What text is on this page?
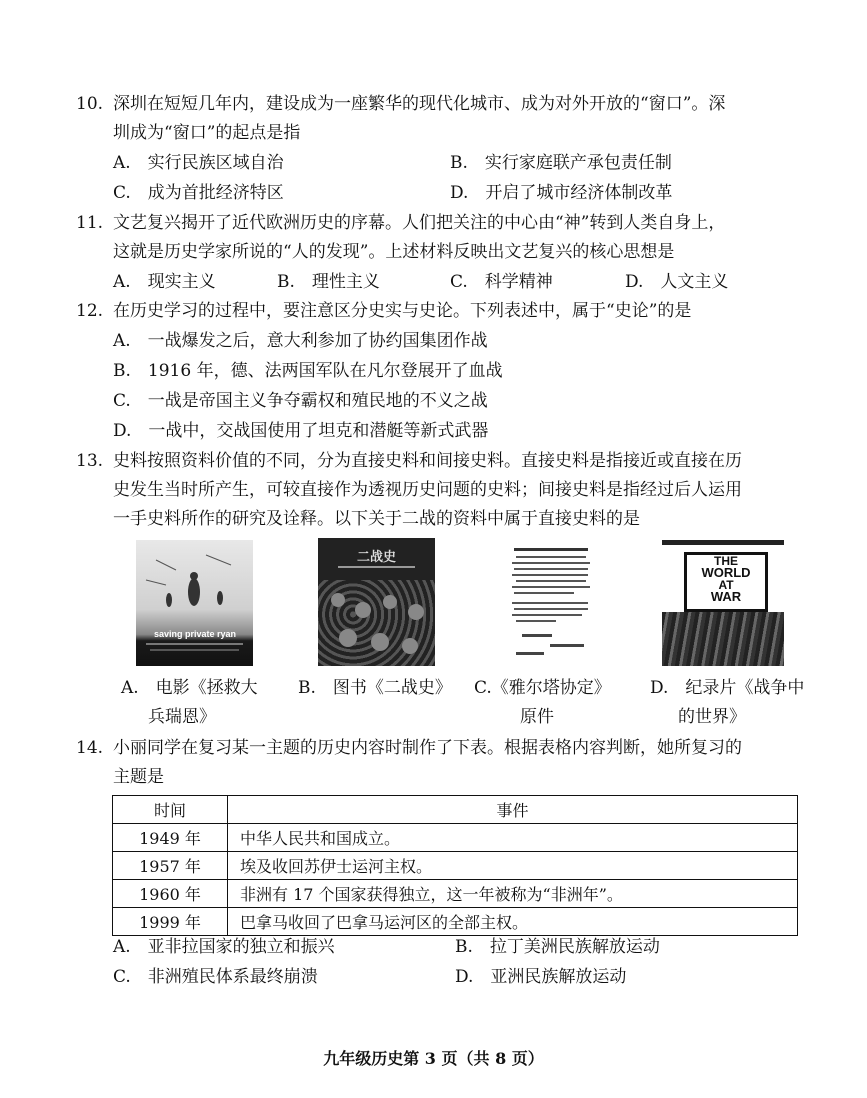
10. 深圳在短短几年内，建设成为一座繁华的现代化城市、成为对外开放的“窗口”。深
圳成为“窗口”的起点是指
A.　实行民族区域自治	B.　实行家庭联产承包责任制
C.　成为首批经济特区	D.　开启了城市经济体制改革
11. 文艺复兴揭开了近代欧洲历史的序幕。人们把关注的中心由“神”转到人类自身上，
这就是历史学家所说的“人的发现”。上述材料反映出文艺复兴的核心思想是
A.　现实主义	B.　理性主义	C.　科学精神	D.　人文主义
12. 在历史学习的过程中，要注意区分史实与史论。下列表述中，属于“史论”的是
A.　一战爆发之后，意大利参加了协约国集团作战
B.　1916 年，德、法两国军队在凡尔登展开了血战
C.　一战是帝国主义争夺霸权和殖民地的不义之战
D.　一战中，交战国使用了坦克和潜艇等新式武器
13. 史料按照资料价值的不同，分为直接史料和间接史料。直接史料是指接近或直接在历
史发生当时所产生，可较直接作为透视历史问题的史料；间接史料是指经过后人运用
一手史料所作的研究及诠释。以下关于二战的资料中属于直接史料的是
saving private ryan
二战史	THE
WORLD
AT
WAR
A.　电影《拯救大
兵瑞恩》
B.　图书《二战史》 C.《雅尔塔协定》
原件
D.　纪录片《战争中
的世界》
14. 小丽同学在复习某一主题的历史内容时制作了下表。根据表格内容判断，她所复习的
主题是
时间	事件
1949 年	中华人民共和国成立。
1957 年	埃及收回苏伊士运河主权。
1960 年	非洲有 17 个国家获得独立，这一年被称为“非洲年”。
1999 年	巴拿马收回了巴拿马运河区的全部主权。
A.　亚非拉国家的独立和振兴	B.　拉丁美洲民族解放运动
C.　非洲殖民体系最终崩溃	D.　亚洲民族解放运动
九年级历史第 3 页（共 8 页）
